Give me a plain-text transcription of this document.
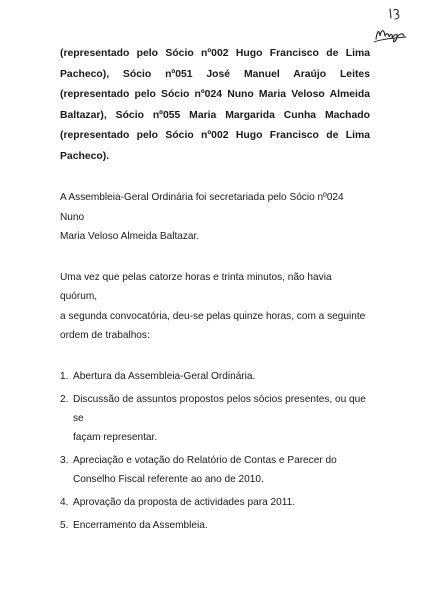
(representado pelo Sócio nº002 Hugo Francisco de Lima

Pacheco), Sócio nº051 José Manuel Araújo Leites

(representado pelo Sócio nº024 Nuno Maria Veloso Almeida

Baltazar), Sócio nº055 Maria Margarida Cunha Machado

(representado pelo Sócio nº002 Hugo Francisco de Lima

Pacheco).

A Assembleia-Geral Ordinária foi secretariada pelo Sócio nº024 Nuno
Maria Veloso Almeida Baltazar.

Uma vez que pelas catorze horas e trinta minutos, não havia quórum,
a segunda convocatória, deu-se pelas quinze horas, com a seguinte
ordem de trabalhos:

1. Abertura da Assembleia-Geral Ordinária.
2. Discussão de assuntos propostos pelos sócios presentes, ou que se
façam representar.
3. Apreciação e votação do Relatório de Contas e Parecer do
Conselho Fiscal referente ao ano de 2010.
4. Aprovação da proposta de actividades para 2011.
5. Encerramento da Assembleia.
